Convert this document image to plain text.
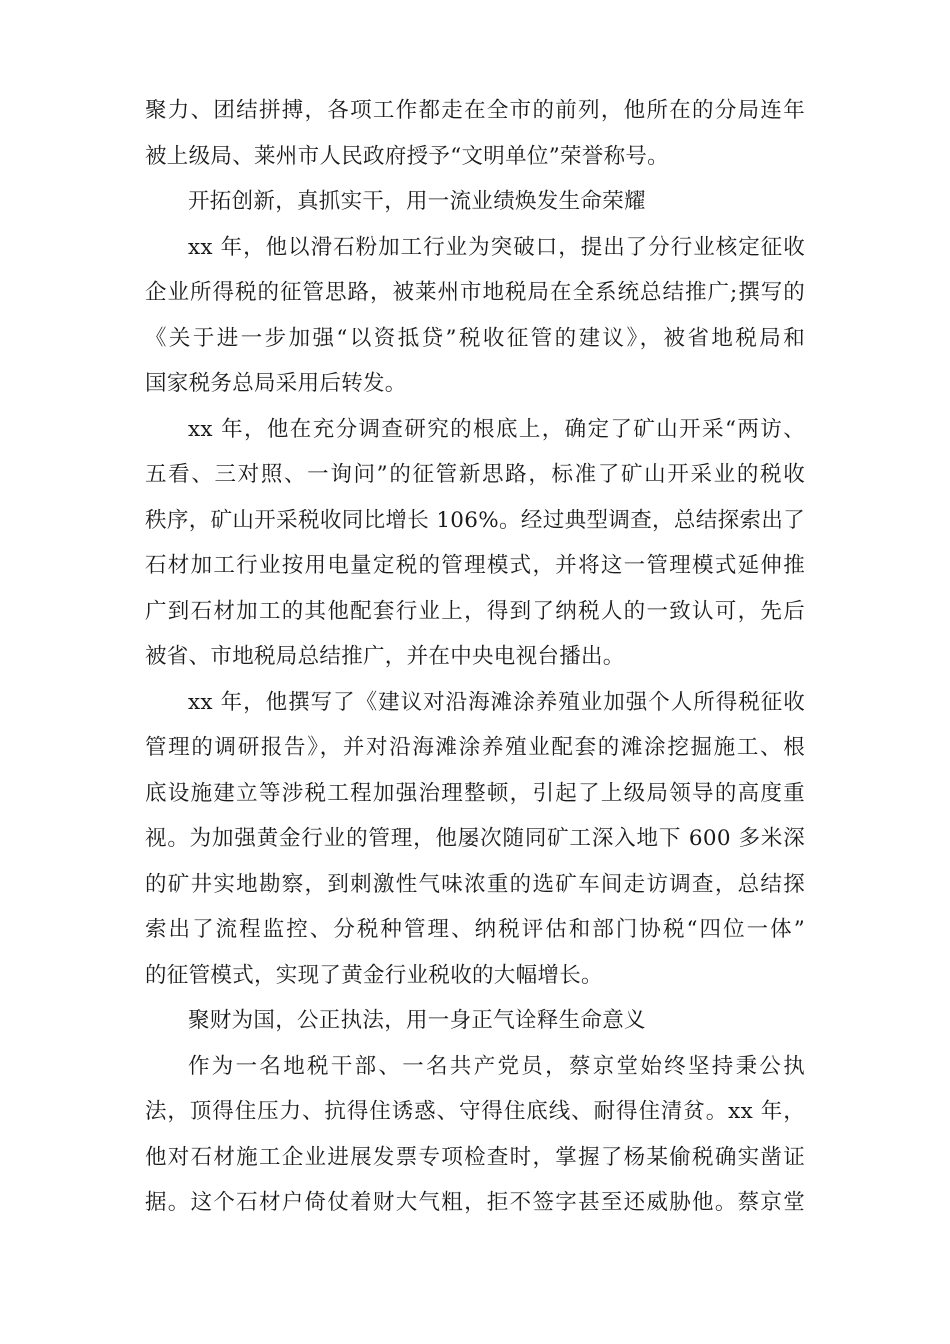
聚力、团结拼搏，各项工作都走在全市的前列，他所在的分局连年
被上级局、莱州市人民政府授予“文明单位”荣誉称号。
开拓创新，真抓实干，用一流业绩焕发生命荣耀
xx 年，他以滑石粉加工行业为突破口，提出了分行业核定征收
企业所得税的征管思路，被莱州市地税局在全系统总结推广;撰写的
《关于进一步加强“以资抵贷”税收征管的建议》，被省地税局和
国家税务总局采用后转发。
xx 年，他在充分调查研究的根底上，确定了矿山开采“两访、
五看、三对照、一询问”的征管新思路，标准了矿山开采业的税收
秩序，矿山开采税收同比增长 106%。经过典型调查，总结探索出了
石材加工行业按用电量定税的管理模式，并将这一管理模式延伸推
广到石材加工的其他配套行业上，得到了纳税人的一致认可，先后
被省、市地税局总结推广，并在中央电视台播出。
xx 年，他撰写了《建议对沿海滩涂养殖业加强个人所得税征收
管理的调研报告》，并对沿海滩涂养殖业配套的滩涂挖掘施工、根
底设施建立等涉税工程加强治理整顿，引起了上级局领导的高度重
视。为加强黄金行业的管理，他屡次随同矿工深入地下 600 多米深
的矿井实地勘察，到刺激性气味浓重的选矿车间走访调查，总结探
索出了流程监控、分税种管理、纳税评估和部门协税“四位一体”
的征管模式，实现了黄金行业税收的大幅增长。
聚财为国，公正执法，用一身正气诠释生命意义
作为一名地税干部、一名共产党员，蔡京堂始终坚持秉公执
法，顶得住压力、抗得住诱惑、守得住底线、耐得住清贫。xx 年，
他对石材施工企业进展发票专项检查时，掌握了杨某偷税确实凿证
据。这个石材户倚仗着财大气粗，拒不签字甚至还威胁他。蔡京堂
